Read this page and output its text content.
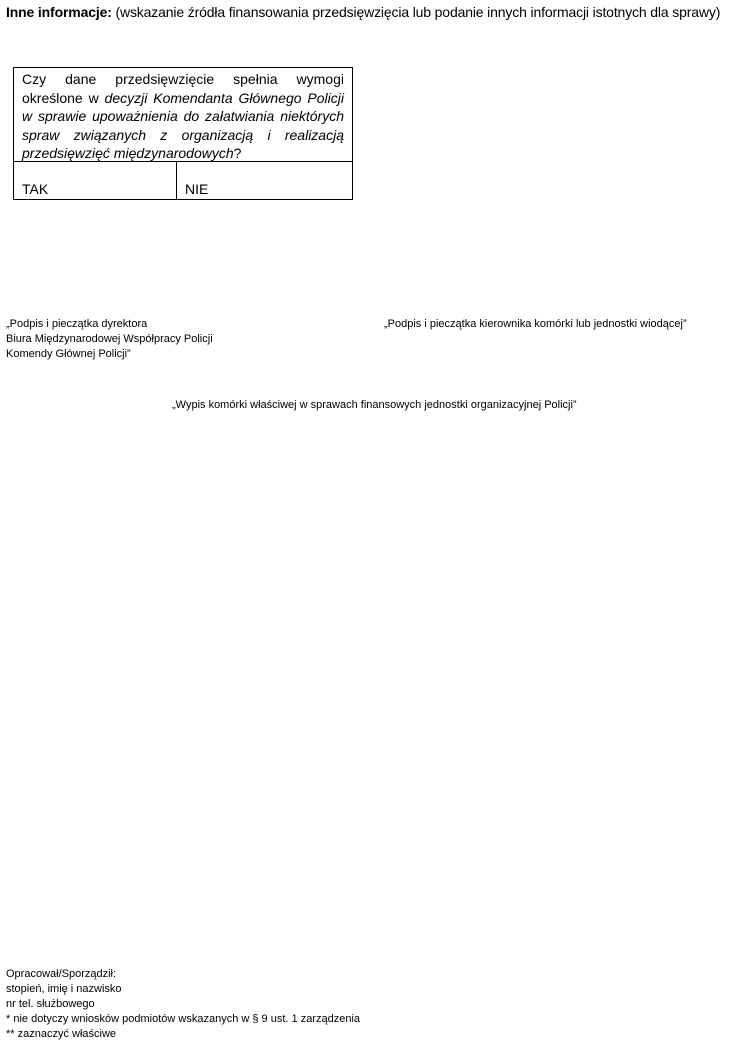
Inne informacje: (wskazanie źródła finansowania przedsięwzięcia lub podanie innych informacji istotnych dla sprawy)
Czy dane przedsięwzięcie spełnia wymogi określone w decyzji Komendanta Głównego Policji w sprawie upoważnienia do załatwiania niektórych spraw związanych z organizacją i realizacją przedsięwzięć międzynarodowych?
TAK	NIE
„Podpis i pieczątka dyrektora
Biura Międzynarodowej Współpracy Policji
Komendy Głównej Policji”
„Podpis i pieczątka kierownika komórki lub jednostki wiodącej”
„Wypis komórki właściwej w sprawach finansowych jednostki organizacyjnej Policji”
Opracował/Sporządził:
stopień, imię i nazwisko
nr tel. służbowego
* nie dotyczy wniosków podmiotów wskazanych w § 9 ust. 1 zarządzenia
** zaznaczyć właściwe
